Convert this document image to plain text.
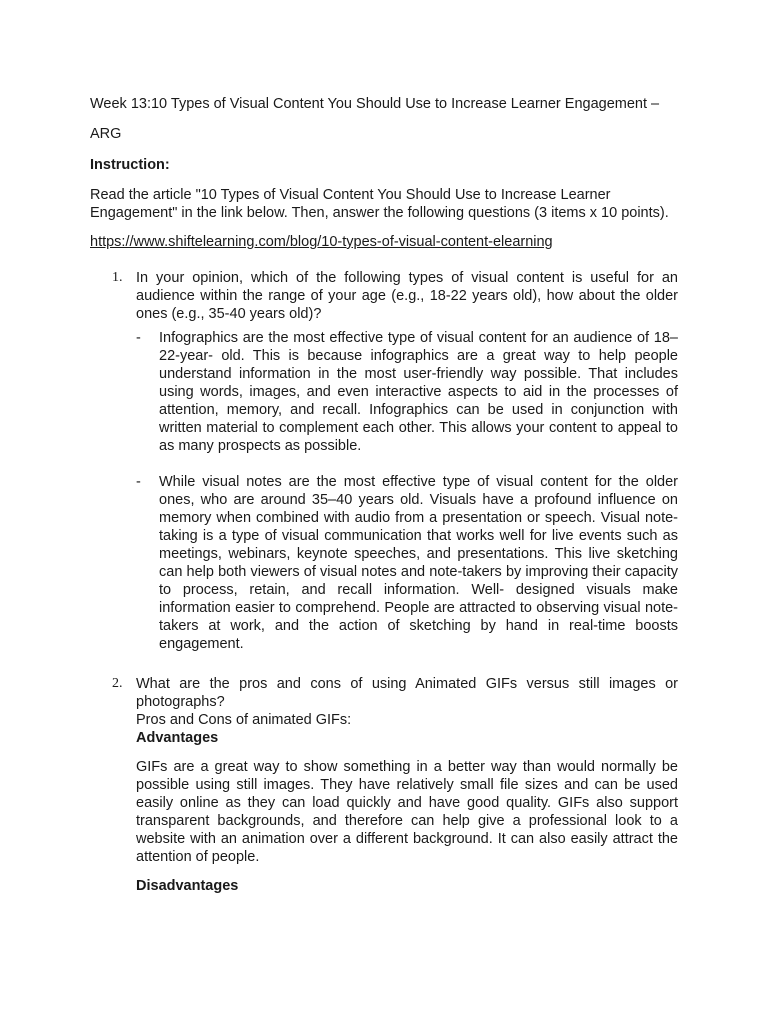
Week 13:10 Types of Visual Content You Should Use to Increase Learner Engagement –

ARG

Instruction:

Read the article "10 Types of Visual Content You Should Use to Increase Learner Engagement" in the link below. Then, answer the following questions (3 items x 10 points).

https://www.shiftelearning.com/blog/10-types-of-visual-content-elearning
1. In your opinion, which of the following types of visual content is useful for an audience within the range of your age (e.g., 18-22 years old), how about the older ones (e.g., 35-40 years old)?
- Infographics are the most effective type of visual content for an audience of 18–22-year- old. This is because infographics are a great way to help people understand information in the most user-friendly way possible. That includes using words, images, and even interactive aspects to aid in the processes of attention, memory, and recall. Infographics can be used in conjunction with written material to complement each other. This allows your content to appeal to as many prospects as possible.
- While visual notes are the most effective type of visual content for the older ones, who are around 35–40 years old. Visuals have a profound influence on memory when combined with audio from a presentation or speech. Visual note-taking is a type of visual communication that works well for live events such as meetings, webinars, keynote speeches, and presentations. This live sketching can help both viewers of visual notes and note-takers by improving their capacity to process, retain, and recall information. Well- designed visuals make information easier to comprehend. People are attracted to observing visual note-takers at work, and the action of sketching by hand in real-time boosts engagement.
2. What are the pros and cons of using Animated GIFs versus still images or photographs?

Pros and Cons of animated GIFs:

Advantages

GIFs are a great way to show something in a better way than would normally be possible using still images. They have relatively small file sizes and can be used easily online as they can load quickly and have good quality. GIFs also support transparent backgrounds, and therefore can help give a professional look to a website with an animation over a different background. It can also easily attract the attention of people.

Disadvantages
